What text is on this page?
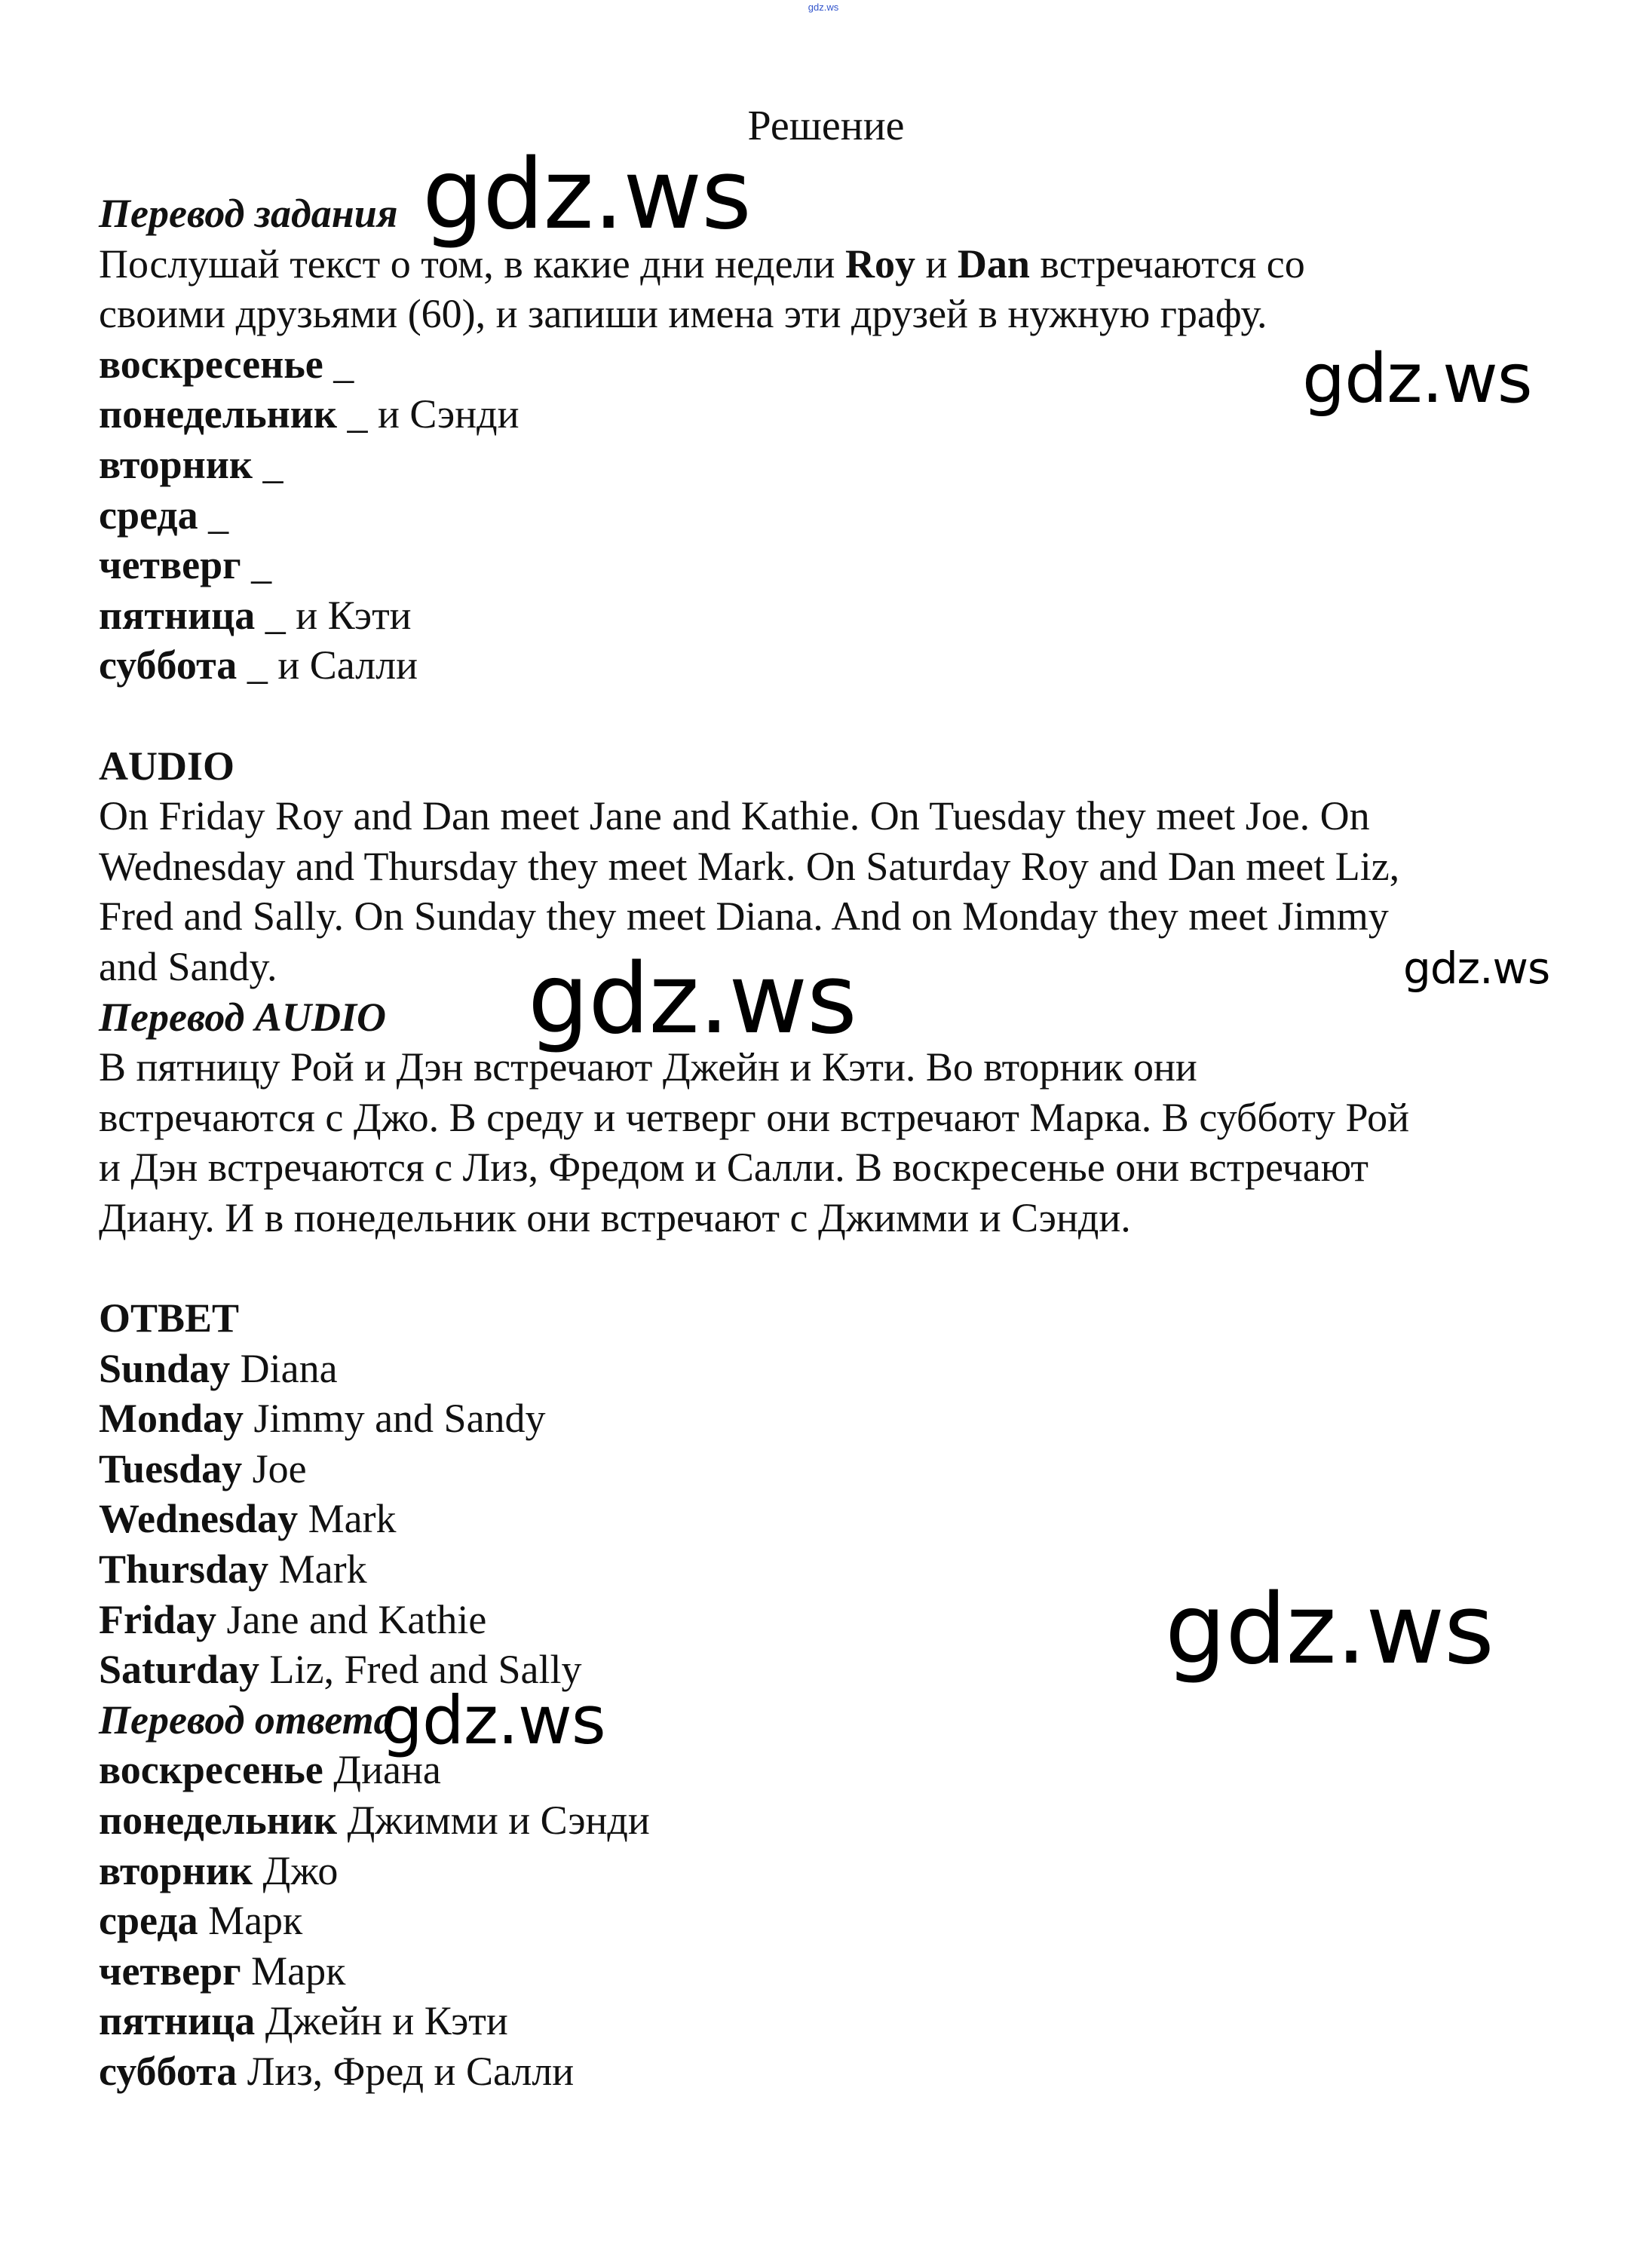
gdz.ws
Решение
Перевод задания
Послушай текст о том, в какие дни недели Roy и Dan встречаются со
своими друзьями (60), и запиши имена эти друзей в нужную графу.
воскресенье _
понедельник _ и Сэнди
вторник _
среда _
четверг _
пятница _ и Кэти
суббота _ и Салли
AUDIO
On Friday Roy and Dan meet Jane and Kathie. On Tuesday they meet Joe. On
Wednesday and Thursday they meet Mark. On Saturday Roy and Dan meet Liz,
Fred and Sally. On Sunday they meet Diana. And on Monday they meet Jimmy
and Sandy.
Перевод AUDIO
В пятницу Рой и Дэн встречают Джейн и Кэти. Во вторник они
встречаются с Джо. В среду и четверг они встречают Марка. В субботу Рой
и Дэн встречаются с Лиз, Фредом и Салли. В воскресенье они встречают
Диану. И в понедельник они встречают с Джимми и Сэнди.
ОТВЕТ
Sunday Diana
Monday Jimmy and Sandy
Tuesday Joe
Wednesday Mark
Thursday Mark
Friday Jane and Kathie
Saturday Liz, Fred and Sally
Перевод ответа
воскресенье Диана
понедельник Джимми и Сэнди
вторник Джо
среда Марк
четверг Марк
пятница Джейн и Кэти
суббота Лиз, Фред и Салли
gdz.ws
gdz.ws
gdz.ws	gdz.ws
gdz.ws
gdz.ws
